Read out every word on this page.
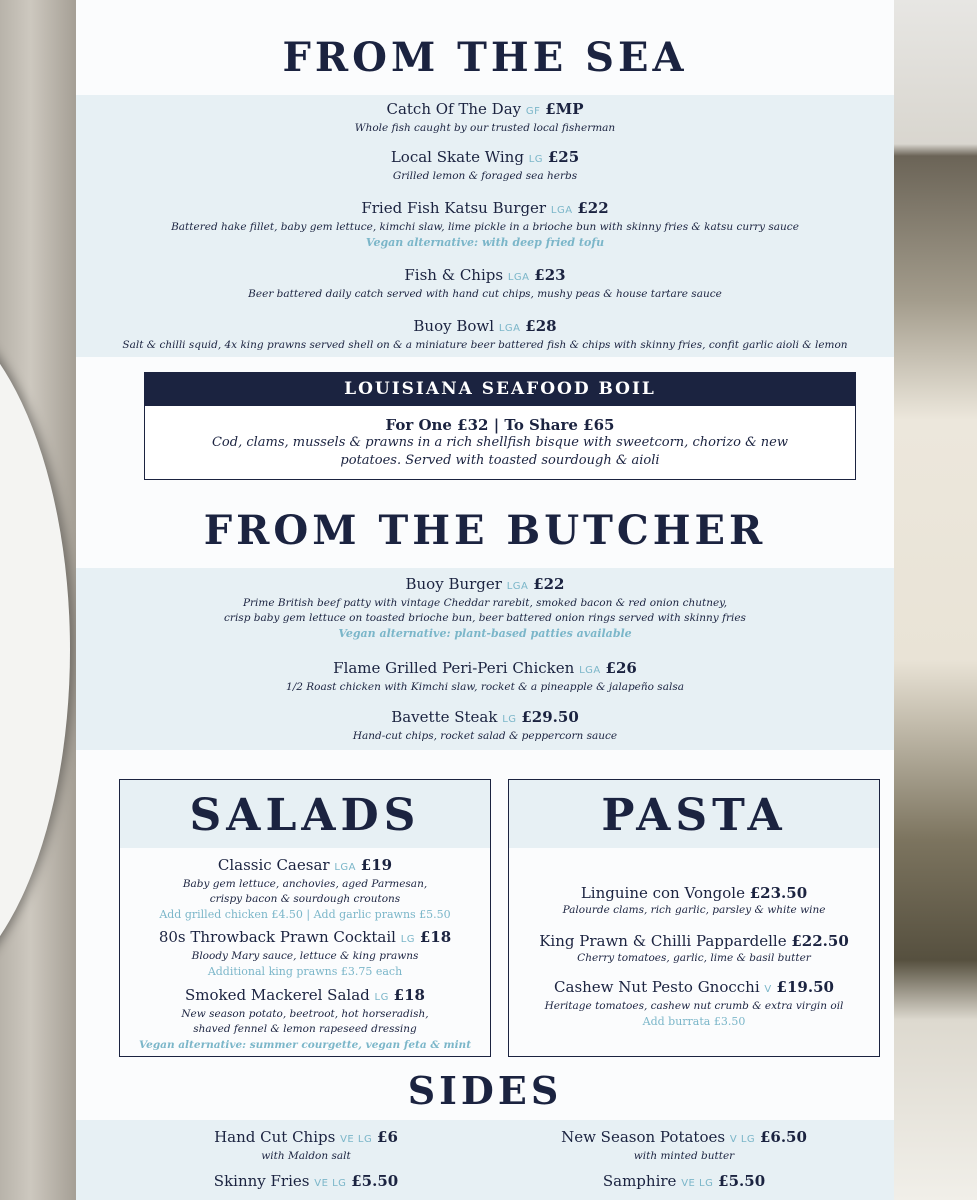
FROM THE SEA
Catch Of The Day GF £MP
Whole fish caught by our trusted local fisherman
Local Skate Wing LG £25
Grilled lemon & foraged sea herbs
Fried Fish Katsu Burger LGA £22
Battered hake fillet, baby gem lettuce, kimchi slaw, lime pickle in a brioche bun with skinny fries & katsu curry sauce
Vegan alternative: with deep fried tofu
Fish & Chips LGA £23
Beer battered daily catch served with hand cut chips, mushy peas & house tartare sauce
Buoy Bowl LGA £28
Salt & chilli squid, 4x king prawns served shell on & a miniature beer battered fish & chips with skinny fries, confit garlic aioli & lemon
LOUISIANA SEAFOOD BOIL
For One £32 | To Share £65
Cod, clams, mussels & prawns in a rich shellfish bisque with sweetcorn, chorizo & new potatoes. Served with toasted sourdough & aioli
FROM THE BUTCHER
Buoy Burger LGA £22
Prime British beef patty with vintage Cheddar rarebit, smoked bacon & red onion chutney,
crisp baby gem lettuce on toasted brioche bun, beer battered onion rings served with skinny fries
Vegan alternative: plant-based patties available
Flame Grilled Peri-Peri Chicken LGA £26
1/2 Roast chicken with Kimchi slaw, rocket & a pineapple & jalapeño salsa
Bavette Steak LG £29.50
Hand-cut chips, rocket salad & peppercorn sauce
SALADS
Classic Caesar LGA £19
Baby gem lettuce, anchovies, aged Parmesan,
crispy bacon & sourdough croutons
Add grilled chicken £4.50 | Add garlic prawns £5.50
80s Throwback Prawn Cocktail LG £18
Bloody Mary sauce, lettuce & king prawns
Additional king prawns £3.75 each
Smoked Mackerel Salad LG £18
New season potato, beetroot, hot horseradish,
shaved fennel & lemon rapeseed dressing
Vegan alternative: summer courgette, vegan feta & mint
PASTA
Linguine con Vongole £23.50
Palourde clams, rich garlic, parsley & white wine
King Prawn & Chilli Pappardelle £22.50
Cherry tomatoes, garlic, lime & basil butter
Cashew Nut Pesto Gnocchi V £19.50
Heritage tomatoes, cashew nut crumb & extra virgin oil
Add burrata £3.50
SIDES
Hand Cut Chips VE LG £6
with Maldon salt
New Season Potatoes V LG £6.50
with minted butter
Skinny Fries VE LG £5.50	Samphire VE LG £5.50
